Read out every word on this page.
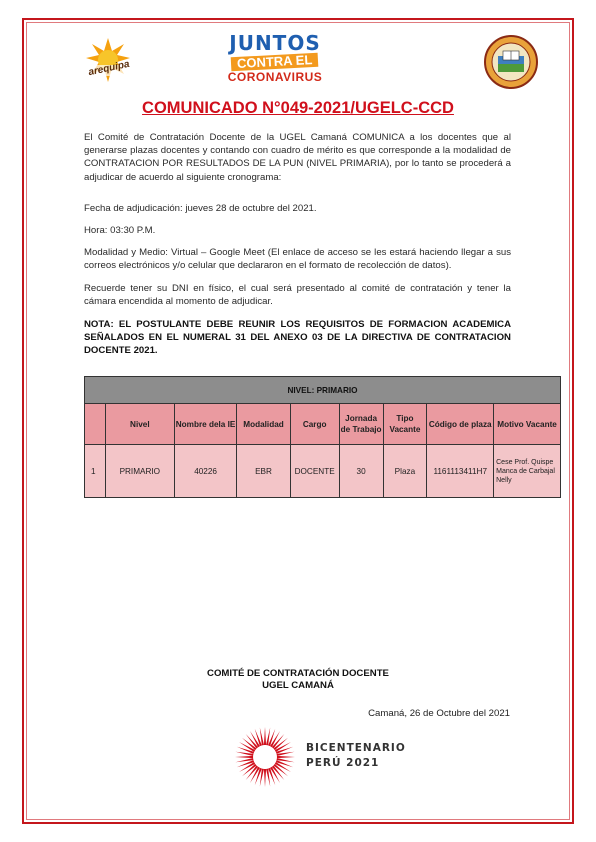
arequipa
JUNTOS
CONTRA EL
CORONAVIRUS
COMUNICADO N°049-2021/UGELC-CCD
El Comité de Contratación Docente de la UGEL Camaná COMUNICA a los docentes que al generarse plazas docentes y contando con cuadro de mérito es que corresponde a la modalidad de CONTRATACION POR RESULTADOS DE LA PUN (NIVEL PRIMARIA), por lo tanto se procederá a adjudicar de acuerdo al siguiente cronograma:
Fecha de adjudicación: jueves 28 de octubre del 2021.
Hora: 03:30 P.M.
Modalidad y Medio: Virtual – Google Meet (El enlace de acceso se les estará haciendo llegar a sus correos electrónicos y/o celular que declararon en el formato de recolección de datos).
Recuerde tener su DNI en físico, el cual será presentado al comité de contratación y tener la cámara encendida al momento de adjudicar.
NOTA: EL POSTULANTE DEBE REUNIR LOS REQUISITOS DE FORMACION ACADEMICA SEÑALADOS EN EL NUMERAL 31 DEL ANEXO 03 DE LA DIRECTIVA DE CONTRATACION DOCENTE 2021.
NIVEL: PRIMARIO								
	Nivel	Nombre dela IE	Modalidad	Cargo	Jornada de Trabajo	Tipo Vacante	Código de plaza	Motivo Vacante
1	PRIMARIO	40226	EBR	DOCENTE	30	Plaza	1161113411H7	Cese Prof. Quispe Manca de Carbajal Nelly
COMITÉ DE CONTRATACIÓN DOCENTE
UGEL CAMANÁ
Camaná, 26 de Octubre del 2021
BICENTENARIO
PERÚ 2021
